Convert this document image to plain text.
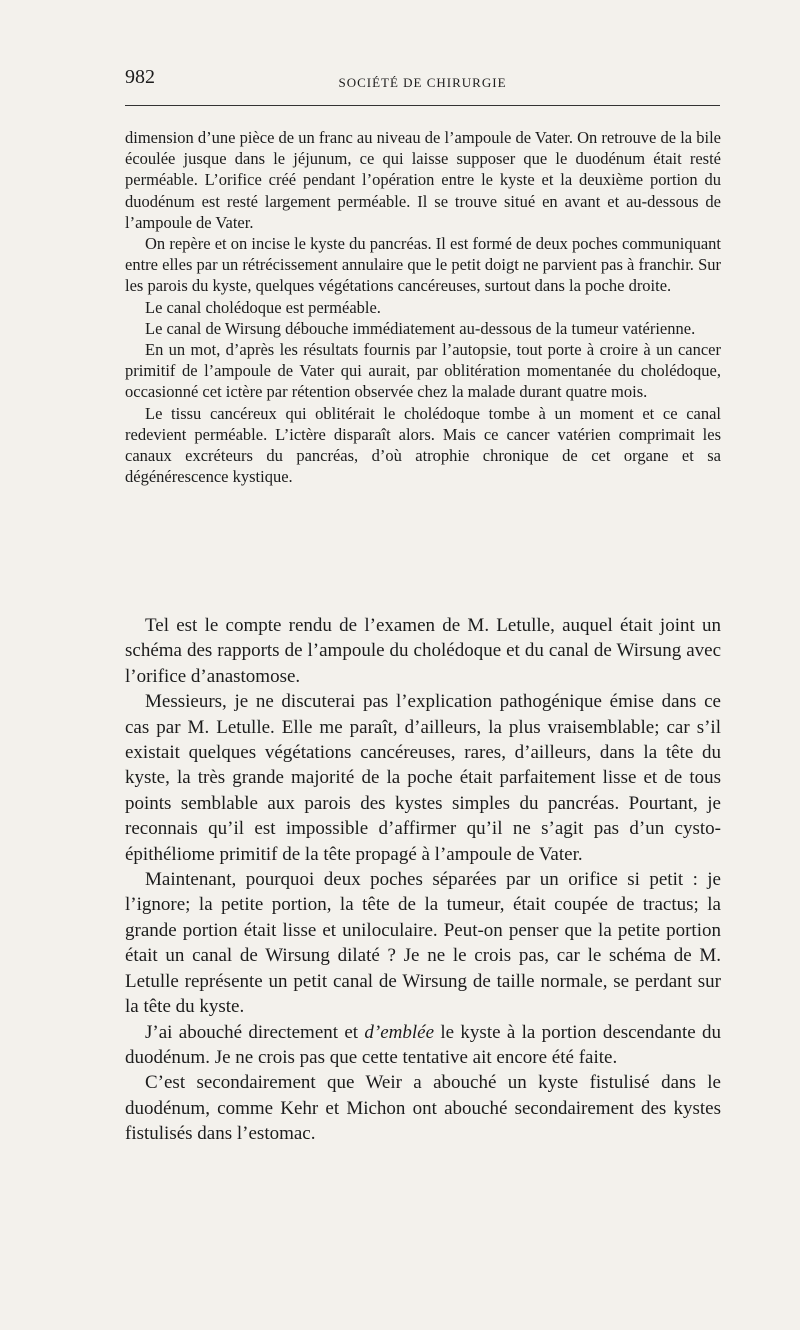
982	SOCIÉTÉ DE CHIRURGIE

dimension d’une pièce de un franc au niveau de l’ampoule de Vater. On retrouve de la bile écoulée jusque dans le jéjunum, ce qui laisse supposer que le duodénum était resté perméable. L’orifice créé pendant l’opération entre le kyste et la deuxième portion du duodénum est resté largement perméable. Il se trouve situé en avant et au-dessous de l’ampoule de Vater.

On repère et on incise le kyste du pancréas. Il est formé de deux poches communiquant entre elles par un rétrécissement annulaire que le petit doigt ne parvient pas à franchir. Sur les parois du kyste, quelques végétations cancéreuses, surtout dans la poche droite.

Le canal cholédoque est perméable.

Le canal de Wirsung débouche immédiatement au-dessous de la tumeur vatérienne.

En un mot, d’après les résultats fournis par l’autopsie, tout porte à croire à un cancer primitif de l’ampoule de Vater qui aurait, par oblitération momentanée du cholédoque, occasionné cet ictère par rétention observée chez la malade durant quatre mois.

Le tissu cancéreux qui oblitérait le cholédoque tombe à un moment et ce canal redevient perméable. L’ictère disparaît alors. Mais ce cancer vatérien comprimait les canaux excréteurs du pancréas, d’où atrophie chronique de cet organe et sa dégénérescence kystique.

Tel est le compte rendu de l’examen de M. Letulle, auquel était joint un schéma des rapports de l’ampoule du cholédoque et du canal de Wirsung avec l’orifice d’anastomose.

Messieurs, je ne discuterai pas l’explication pathogénique émise dans ce cas par M. Letulle. Elle me paraît, d’ailleurs, la plus vraisemblable; car s’il existait quelques végétations cancéreuses, rares, d’ailleurs, dans la tête du kyste, la très grande majorité de la poche était parfaitement lisse et de tous points semblable aux parois des kystes simples du pancréas. Pourtant, je reconnais qu’il est impossible d’affirmer qu’il ne s’agit pas d’un cysto-épithéliome primitif de la tête propagé à l’ampoule de Vater.

Maintenant, pourquoi deux poches séparées par un orifice si petit : je l’ignore; la petite portion, la tête de la tumeur, était coupée de tractus; la grande portion était lisse et uniloculaire. Peut-on penser que la petite portion était un canal de Wirsung dilaté ? Je ne le crois pas, car le schéma de M. Letulle représente un petit canal de Wirsung de taille normale, se perdant sur la tête du kyste.

J’ai abouché directement et d’emblée le kyste à la portion descendante du duodénum. Je ne crois pas que cette tentative ait encore été faite.

C’est secondairement que Weir a abouché un kyste fistulisé dans le duodénum, comme Kehr et Michon ont abouché secondairement des kystes fistulisés dans l’estomac.
